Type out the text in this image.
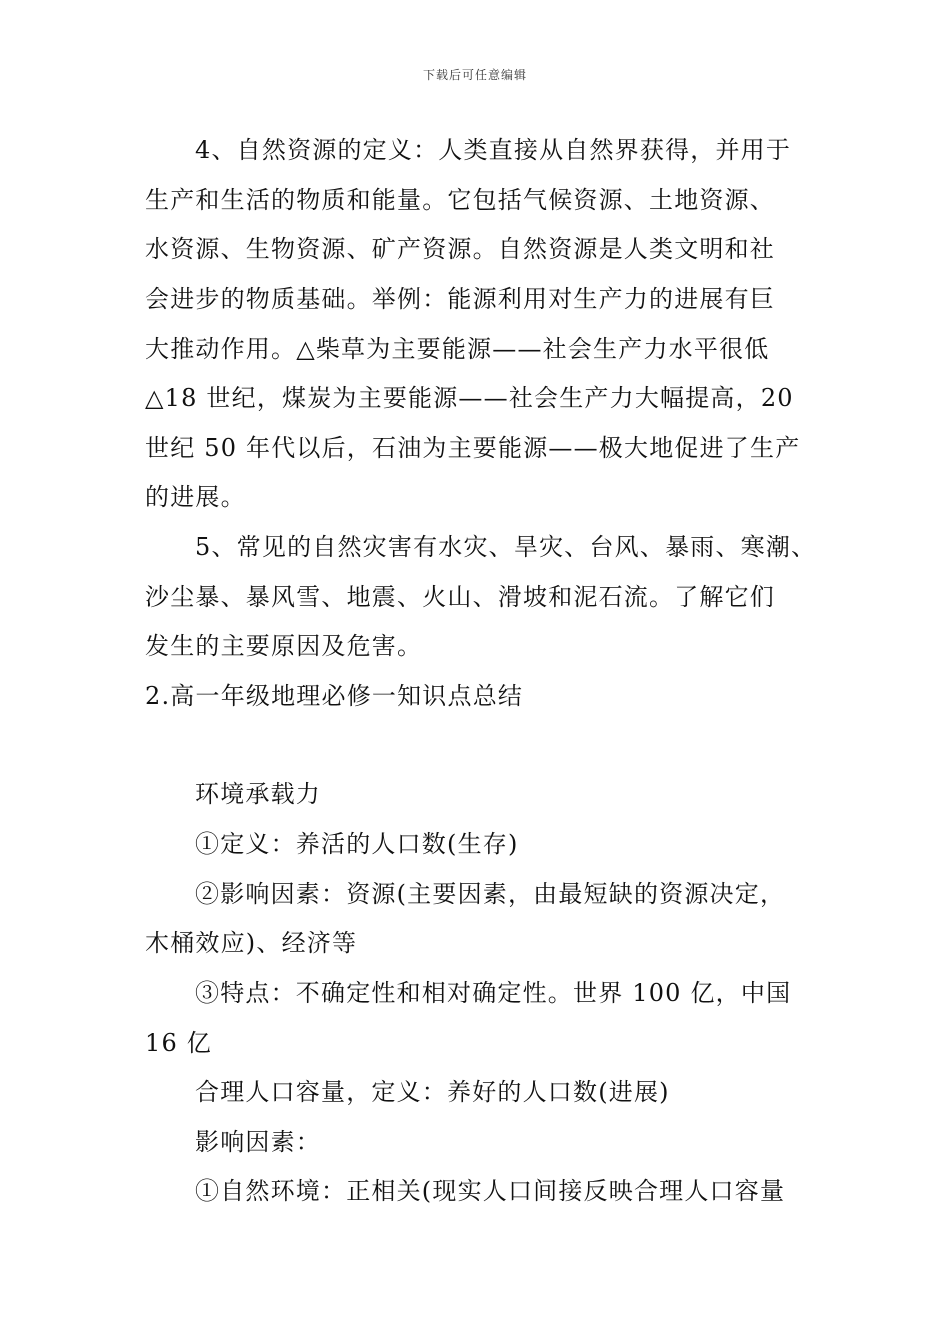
下载后可任意编辑
4、自然资源的定义：人类直接从自然界获得，并用于
生产和生活的物质和能量。它包括气候资源、土地资源、
水资源、生物资源、矿产资源。自然资源是人类文明和社
会进步的物质基础。举例：能源利用对生产力的进展有巨
大推动作用。△柴草为主要能源——社会生产力水平很低
△18 世纪，煤炭为主要能源——社会生产力大幅提高，20
世纪 50 年代以后，石油为主要能源——极大地促进了生产
的进展。
5、常见的自然灾害有水灾、旱灾、台风、暴雨、寒潮、
沙尘暴、暴风雪、地震、火山、滑坡和泥石流。了解它们
发生的主要原因及危害。
2.高一年级地理必修一知识点总结
环境承载力
①定义：养活的人口数(生存)
②影响因素：资源(主要因素，由最短缺的资源决定，
木桶效应)、经济等
③特点：不确定性和相对确定性。世界 100 亿，中国
16 亿
合理人口容量，定义：养好的人口数(进展)
影响因素：
①自然环境：正相关(现实人口间接反映合理人口容量
